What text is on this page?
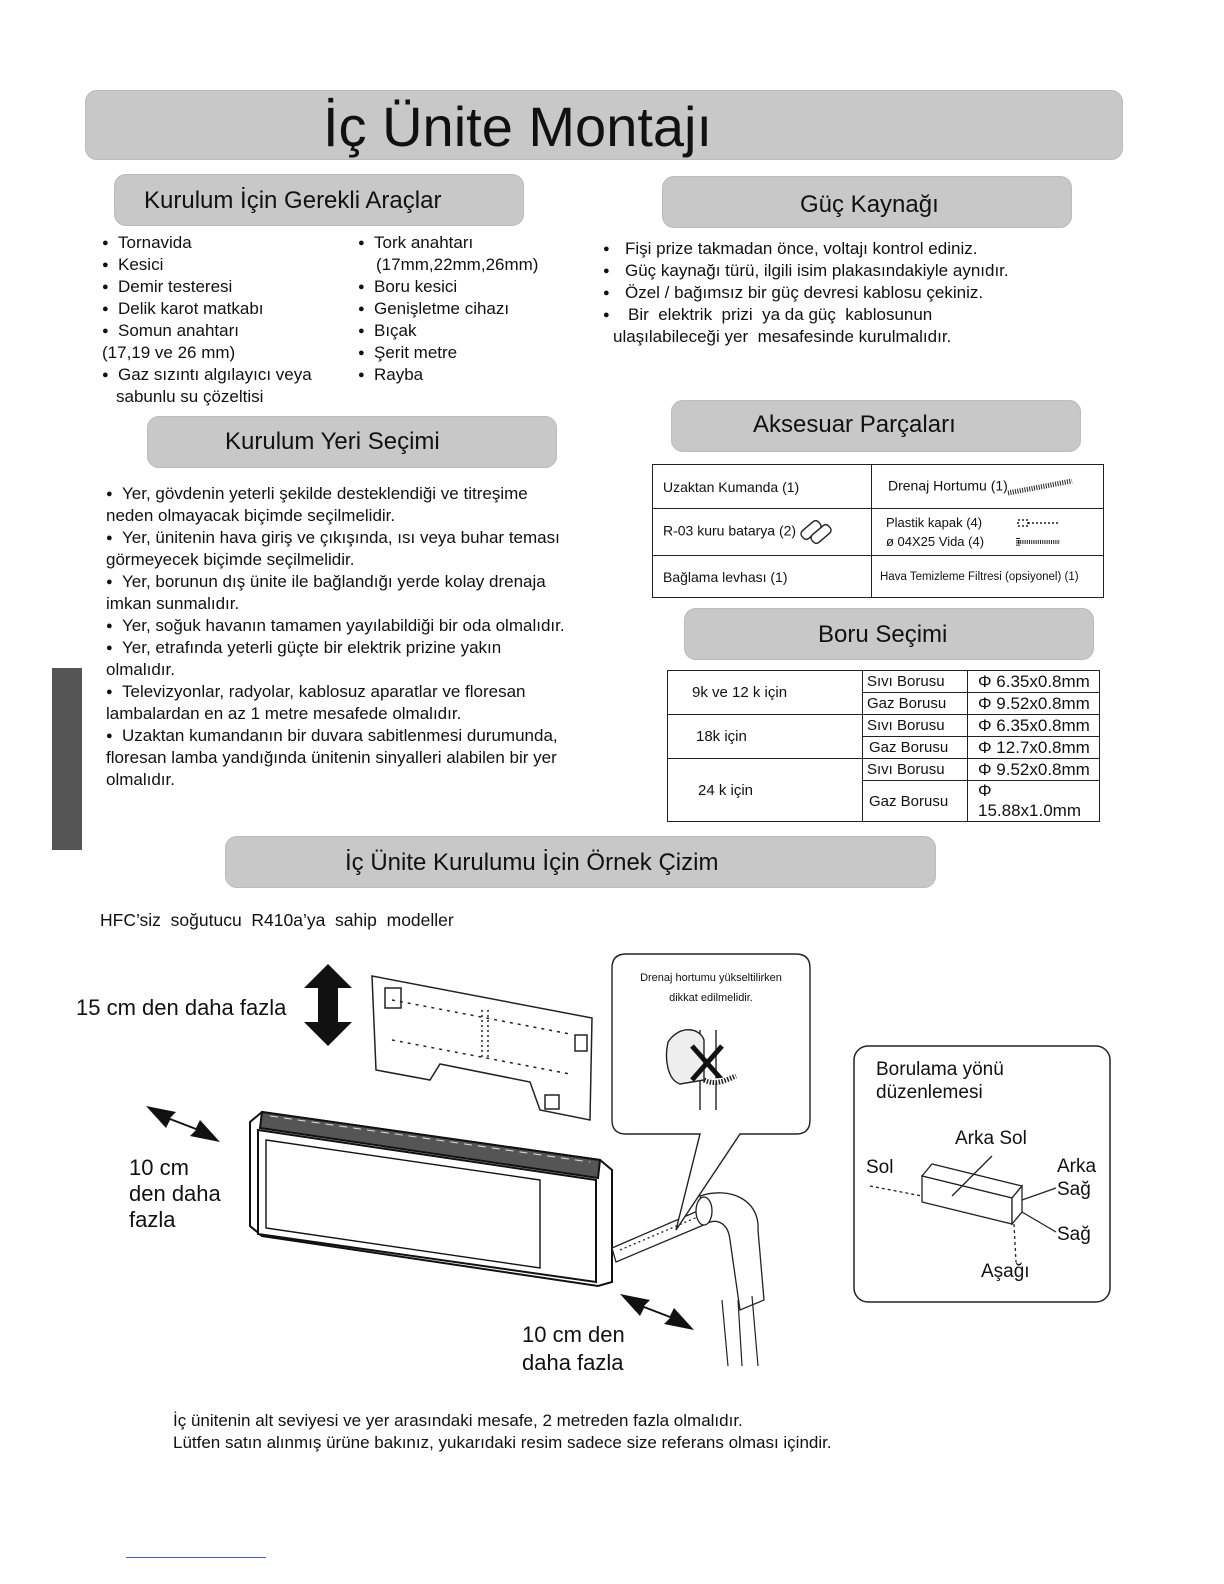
İç Ünite Montajı
Kurulum İçin Gerekli Araçlar
● Tornavida
● Kesici
● Demir testeresi
● Delik karot matkabı
● Somun anahtarı
(17,19 ve 26 mm)
● Gaz sızıntı algılayıcı veya
sabunlu su çözeltisi
● Tork anahtarı
(17mm,22mm,26mm)
● Boru kesici
● Genişletme cihazı
● Bıçak
● Şerit metre
● Rayba
Güç Kaynağı
● Fişi prize takmadan önce, voltajı kontrol ediniz.
● Güç kaynağı türü, ilgili isim plakasındakiyle aynıdır.
● Özel / bağımsız bir güç devresi kablosu çekiniz.
● Bir  elektrik  prizi  ya da güç  kablosunun
ulaşılabileceği yer  mesafesinde kurulmalıdır.
Kurulum Yeri Seçimi
● Yer, gövdenin yeterli şekilde desteklendiği ve titreşime
neden olmayacak biçimde seçilmelidir.
● Yer, ünitenin hava giriş ve çıkışında, ısı veya buhar teması
görmeyecek biçimde seçilmelidir.
● Yer, borunun dış ünite ile bağlandığı yerde kolay drenaja
imkan sunmalıdır.
● Yer, soğuk havanın tamamen yayılabildiği bir oda olmalıdır.
● Yer, etrafında yeterli güçte bir elektrik prizine yakın
olmalıdır.
● Televizyonlar, radyolar, kablosuz aparatlar ve floresan
lambalardan en az 1 metre mesafede olmalıdır.
● Uzaktan kumandanın bir duvara sabitlenmesi durumunda,
floresan lamba yandığında ünitenin sinyalleri alabilen bir yer
olmalıdır.
Aksesuar Parçaları
Uzaktan Kumanda (1)	Drenaj Hortumu (1)
R-03 kuru batarya (2)	Plastik kapak (4)
ø 04X25 Vida (4)

Bağlama levhası (1)	Hava Temizleme Filtresi (opsiyonel) (1)
Boru Seçimi
9k ve 12 k için	Sıvı Borusu	Φ 6.35x0.8mm
	Gaz Borusu	Φ 9.52x0.8mm
18k için	Sıvı Borusu	Φ 6.35x0.8mm
	Gaz Borusu	Φ 12.7x0.8mm
24 k için	Sıvı Borusu	Φ 9.52x0.8mm
	Gaz Borusu	Φ 15.88x1.0mm
İç Ünite Kurulumu İçin Örnek Çizim
HFC’siz  soğutucu  R410a’ya  sahip  modeller
15 cm den daha fazla
10 cm
den daha
fazla
10 cm den
daha fazla
Drenaj hortumu yükseltilirken
dikkat edilmelidir.
Borulama yönü
düzenlemesi
Arka Sol
Sol	Arka
Sağ
Sağ
Aşağı
İç ünitenin alt seviyesi ve yer arasındaki mesafe, 2 metreden fazla olmalıdır.
Lütfen satın alınmış ürüne bakınız, yukarıdaki resim sadece size referans olması içindir.
